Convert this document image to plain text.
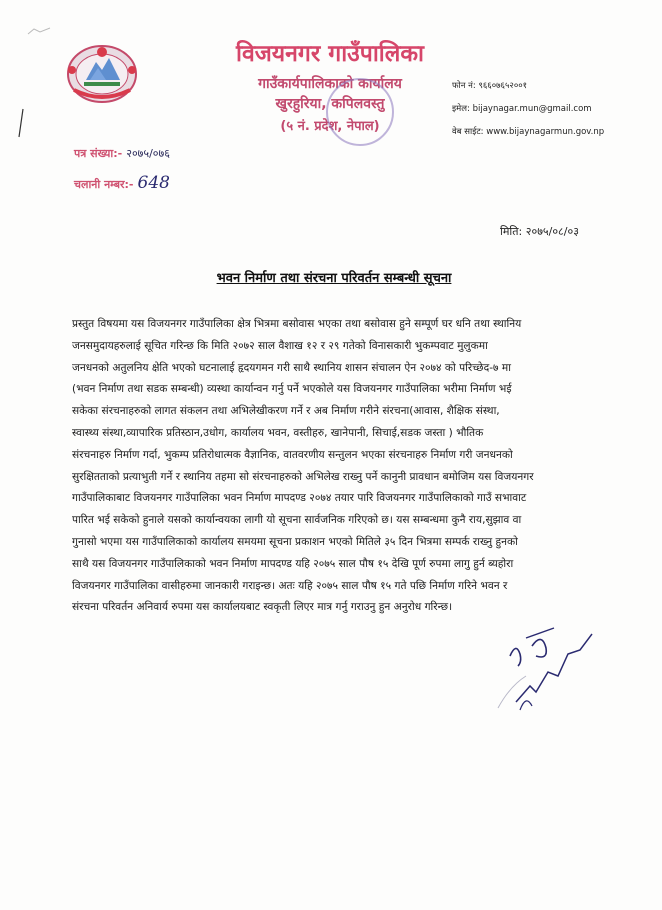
विजयनगर गाउँपालिका
गाउँकार्यपालिकाको कार्यालय
खुरहुरिया, कपिलवस्तु
(५ नं. प्रदेश, नेपाल)
फोन नं: ९६६०७६५२००१
इमेल: bijaynagar.mun@gmail.com
वेब साईट: www.bijaynagarmun.gov.np
पत्र संख्या:- २०७५/०७६
चलानी नम्बर:- 648
मिति: २०७५/०८/०३
भवन निर्माण तथा संरचना परिवर्तन सम्बन्धी सूचना
प्रस्तुत विषयमा यस विजयनगर गाउँपालिका क्षेत्र भित्रमा बसोवास भएका तथा बसोवास हुने सम्पूर्ण घर धनि तथा स्थानिय
जनसमुदायहरुलाई सूचित गरिन्छ कि मिति २०७२ साल वैशाख १२ र २९ गतेको विनासकारी भुकम्पवाट मुलुकमा
जनधनको अतुलनिय क्षेति भएको घटनालाई हृदयगमन गरी साथै स्थानिय शासन संचालन ऐन २०७४ को परिच्छेद-७ मा
(भवन निर्माण तथा सडक सम्बन्धी) व्यस्था कार्यान्वन गर्नु पर्ने भएकोले यस विजयनगर गाउँपालिका भरीमा निर्माण भई
सकेका संरचनाहरुको लागत संकलन तथा अभिलेखीकरण गर्ने र अब निर्माण गरीने संरचना(आवास, शैक्षिक संस्था,
स्वास्थ्य संस्था,व्यापारिक प्रतिस्ठान,उधोग, कार्यालय भवन, वस्तीहरु, खानेपानी, सिचाई,सडक जस्ता ) भौतिक
संरचनाहरु निर्माण गर्दा, भुकम्प प्रतिरोधात्मक वैज्ञानिक, वातवरणीय सन्तुलन भएका संरचनाहरु निर्माण गरी जनधनको
सुरक्षितताको प्रत्याभुती गर्ने र स्थानिय तहमा सो संरचनाहरुको अभिलेख राख्नु पर्ने कानुनी प्रावधान बमोजिम यस विजयनगर
गाउँपालिकाबाट विजयनगर गाउँपालिका भवन निर्माण मापदण्ड २०७४ तयार पारि विजयनगर गाउँपालिकाको गाउँ सभावाट
पारित भई सकेको हुनाले यसको कार्यान्वयका लागी यो सूचना सार्वजनिक गरिएको छ। यस सम्बन्धमा कुनै राय,सुझाव वा
गुनासो भएमा यस गाउँपालिकाको कार्यालय समयमा सूचना प्रकाशन भएको मितिले ३५ दिन भित्रमा सम्पर्क राख्नु हुनको
साथै यस विजयनगर गाउँपालिकाको भवन निर्माण मापदण्ड यहि २०७५ साल पौष १५ देखि पूर्ण रुपमा लागु हुर्न ब्यहोरा
विजयनगर गाउँपालिका वासीहरुमा जानकारी गराइन्छ। अतः यहि २०७५ साल पौष १५ गते पछि निर्माण गरिने भवन र
संरचना परिवर्तन अनिवार्य रुपमा यस कार्यालयबाट स्वकृती लिएर मात्र गर्नु गराउनु हुन अनुरोध गरिन्छ।
